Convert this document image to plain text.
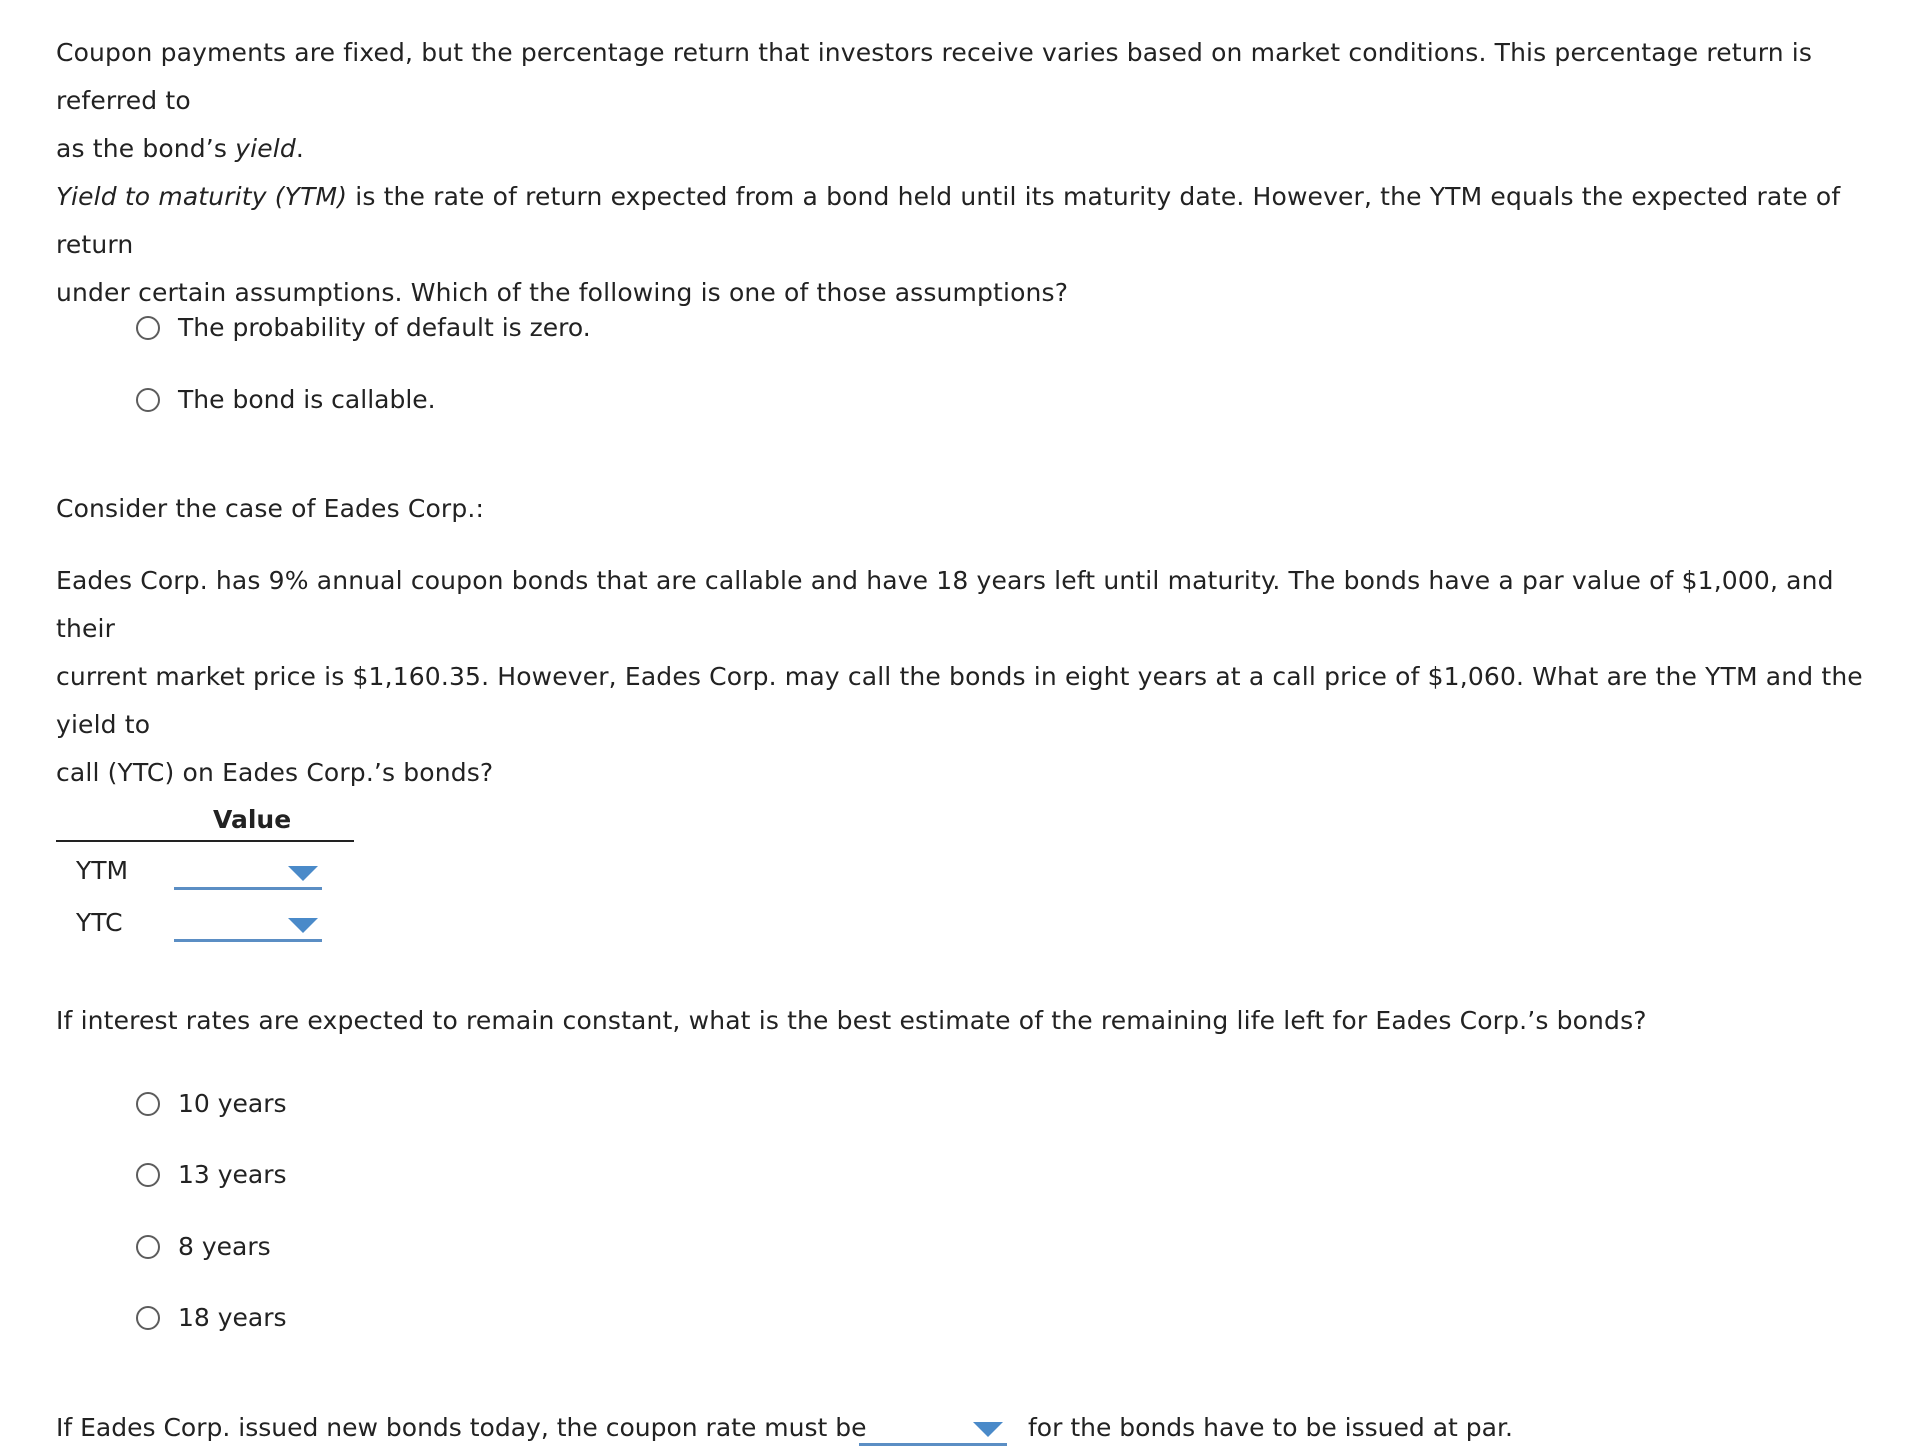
Coupon payments are fixed, but the percentage return that investors receive varies based on market conditions. This percentage return is referred to

as the bond’s yield.

Yield to maturity (YTM) is the rate of return expected from a bond held until its maturity date. However, the YTM equals the expected rate of return

under certain assumptions. Which of the following is one of those assumptions?

The probability of default is zero.
The bond is callable.

Consider the case of Eades Corp.:

Eades Corp. has 9% annual coupon bonds that are callable and have 18 years left until maturity. The bonds have a par value of $1,000, and their

current market price is $1,160.35. However, Eades Corp. may call the bonds in eight years at a call price of $1,060. What are the YTM and the yield to

call (YTC) on Eades Corp.’s bonds?

Value
YTM
YTC

If interest rates are expected to remain constant, what is the best estimate of the remaining life left for Eades Corp.’s bonds?

10 years
13 years
8 years
18 years
If Eades Corp. issued new bonds today, the coupon rate must be	for the bonds have to be issued at par.
